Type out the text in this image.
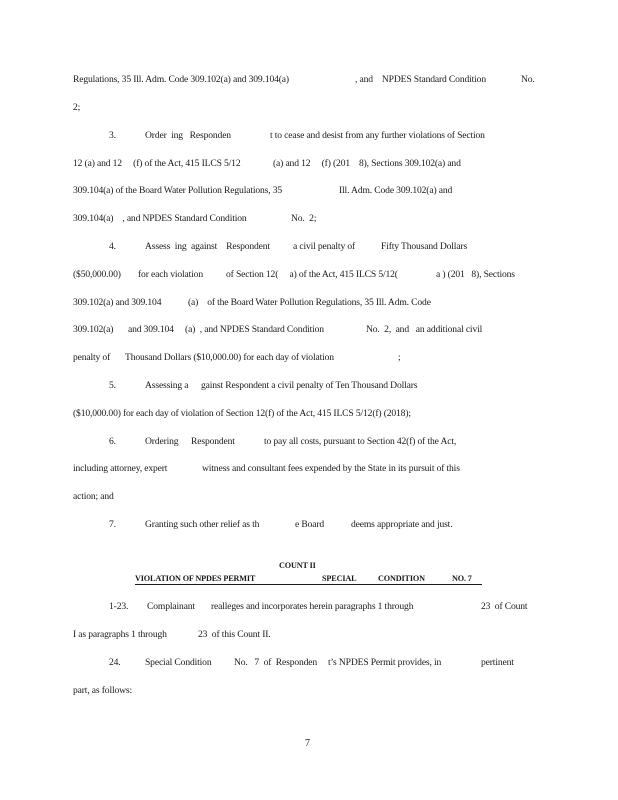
Regulations, 35 Ill. Adm. Code 309.102(a) and 309.104(a)	, and    NPDES Standard Condition	No.
2;
3.	Order  ing   Responden	t to cease and desist from any further violations of Section
12 (a) and 12     (f) of the Act, 415 ILCS 5/12	(a) and 12     (f) (201    8), Sections 309.102(a) and
309.104(a) of the Board Water Pollution Regulations, 35	Ill. Adm. Code 309.102(a) and
309.104(a)    , and NPDES Standard Condition	No.  2;
4.	Assess  ing  against    Respondent a civil penalty of	Fifty Thousand Dollars
($50,000.00) for each violation of Section 12(     a) of the Act, 415 ILCS 5/12(	a ) (201   8), Sections
309.102(a) and 309.104	(a)    of the Board Water Pollution Regulations, 35 Ill. Adm. Code
309.102(a) and 309.104     (a)  , and NPDES Standard Condition	No.  2,  and   an additional civil
penalty of Thousand Dollars ($10,000.00) for each day of violation	;
5.	Assessing a gainst Respondent a civil penalty of Ten Thousand Dollars
($10,000.00) for each day of violation of Section 12(f) of the Act, 415 ILCS 5/12(f) (2018);
6.	Ordering Respondent	to pay all costs, pursuant to Section 42(f) of the Act,
including attorney, expert	witness and consultant fees expended by the State in its pursuit of this
action; and
7.	Granting such other relief as th	e Board	deems appropriate and just.
COUNT II
VIOLATION OF NPDES PERMIT	SPECIAL	CONDITION	NO. 7
1-23. Complainant realleges and incorporates herein paragraphs 1 through	23  of Count
I as paragraphs 1 through	23  of this Count II.
24.	Special Condition No.   7  of  Responden t’s NPDES Permit provides, in	pertinent
part, as follows:
7
